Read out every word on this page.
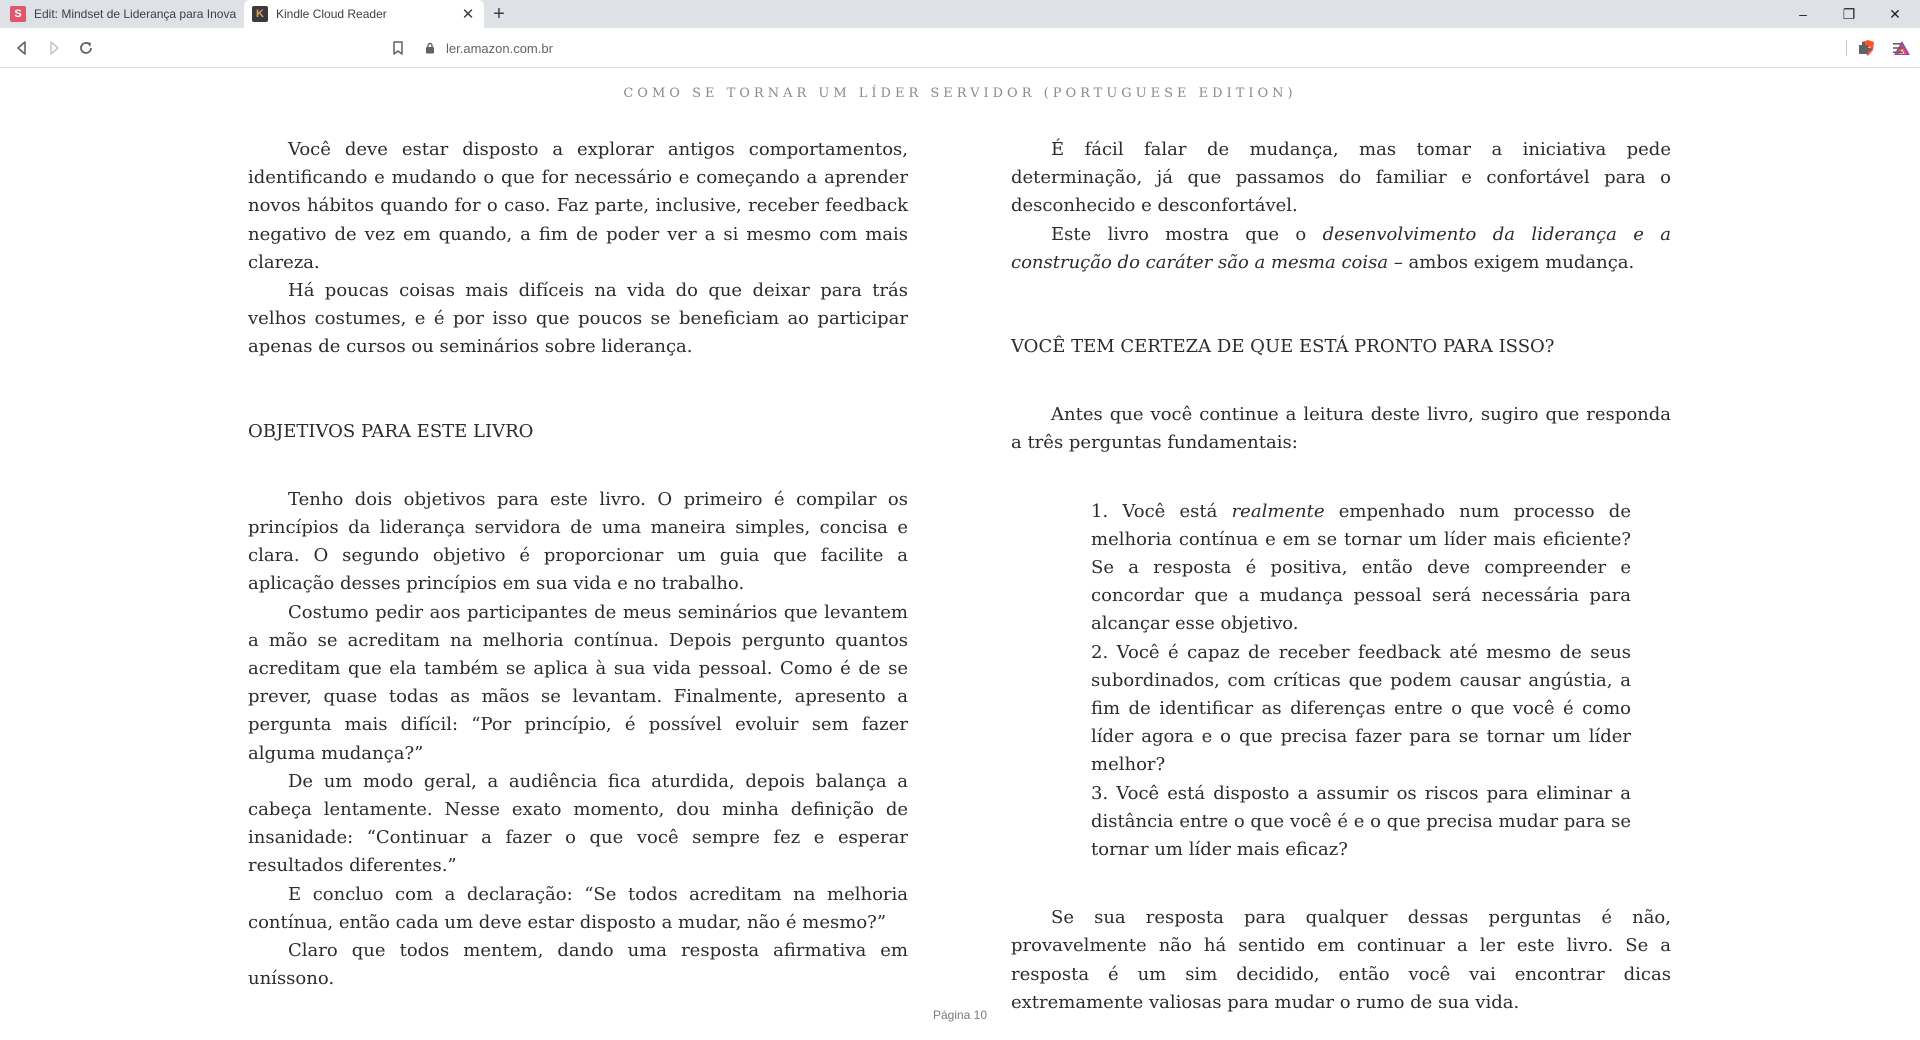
S	Edit: Mindset de Liderança para Inova	K	Kindle Cloud Reader	✕ +	–	❐	✕
ler.amazon.com.br
COMO SE TORNAR UM LÍDER SERVIDOR (PORTUGUESE EDITION)

Você deve estar disposto a explorar antigos comportamentos, identificando e mudando o que for necessário e começando a aprender novos hábitos quando for o caso. Faz parte, inclusive, receber feedback negativo de vez em quando, a fim de poder ver a si mesmo com mais clareza.

Há poucas coisas mais difíceis na vida do que deixar para trás velhos costumes, e é por isso que poucos se beneficiam ao participar apenas de cursos ou seminários sobre liderança.

OBJETIVOS PARA ESTE LIVRO

Tenho dois objetivos para este livro. O primeiro é compilar os princípios da liderança servidora de uma maneira simples, concisa e clara. O segundo objetivo é proporcionar um guia que facilite a aplicação desses princípios em sua vida e no trabalho.

Costumo pedir aos participantes de meus seminários que levantem a mão se acreditam na melhoria contínua. Depois pergunto quantos acreditam que ela também se aplica à sua vida pessoal. Como é de se prever, quase todas as mãos se levantam. Finalmente, apresento a pergunta mais difícil: “Por princípio, é possível evoluir sem fazer alguma mudança?”

De um modo geral, a audiência fica aturdida, depois balança a cabeça lentamente. Nesse exato momento, dou minha definição de insanidade: “Continuar a fazer o que você sempre fez e esperar resultados diferentes.”

E concluo com a declaração: “Se todos acreditam na melhoria contínua, então cada um deve estar disposto a mudar, não é mesmo?”

Claro que todos mentem, dando uma resposta afirmativa em uníssono.

É fácil falar de mudança, mas tomar a iniciativa pede determinação, já que passamos do familiar e confortável para o desconhecido e desconfortável.

Este livro mostra que o desenvolvimento da liderança e a construção do caráter são a mesma coisa – ambos exigem mudança.

VOCÊ TEM CERTEZA DE QUE ESTÁ PRONTO PARA ISSO?

Antes que você continue a leitura deste livro, sugiro que responda a três perguntas fundamentais:

1. Você está realmente empenhado num processo de melhoria contínua e em se tornar um líder mais eficiente? Se a resposta é positiva, então deve compreender e concordar que a mudança pessoal será necessária para alcançar esse objetivo.

2. Você é capaz de receber feedback até mesmo de seus subordinados, com críticas que podem causar angústia, a fim de identificar as diferenças entre o que você é como líder agora e o que precisa fazer para se tornar um líder melhor?

3. Você está disposto a assumir os riscos para eliminar a distância entre o que você é e o que precisa mudar para se tornar um líder mais eficaz?

Se sua resposta para qualquer dessas perguntas é não, provavelmente não há sentido em continuar a ler este livro. Se a resposta é um sim decidido, então você vai encontrar dicas extremamente valiosas para mudar o rumo de sua vida.

Página 10
